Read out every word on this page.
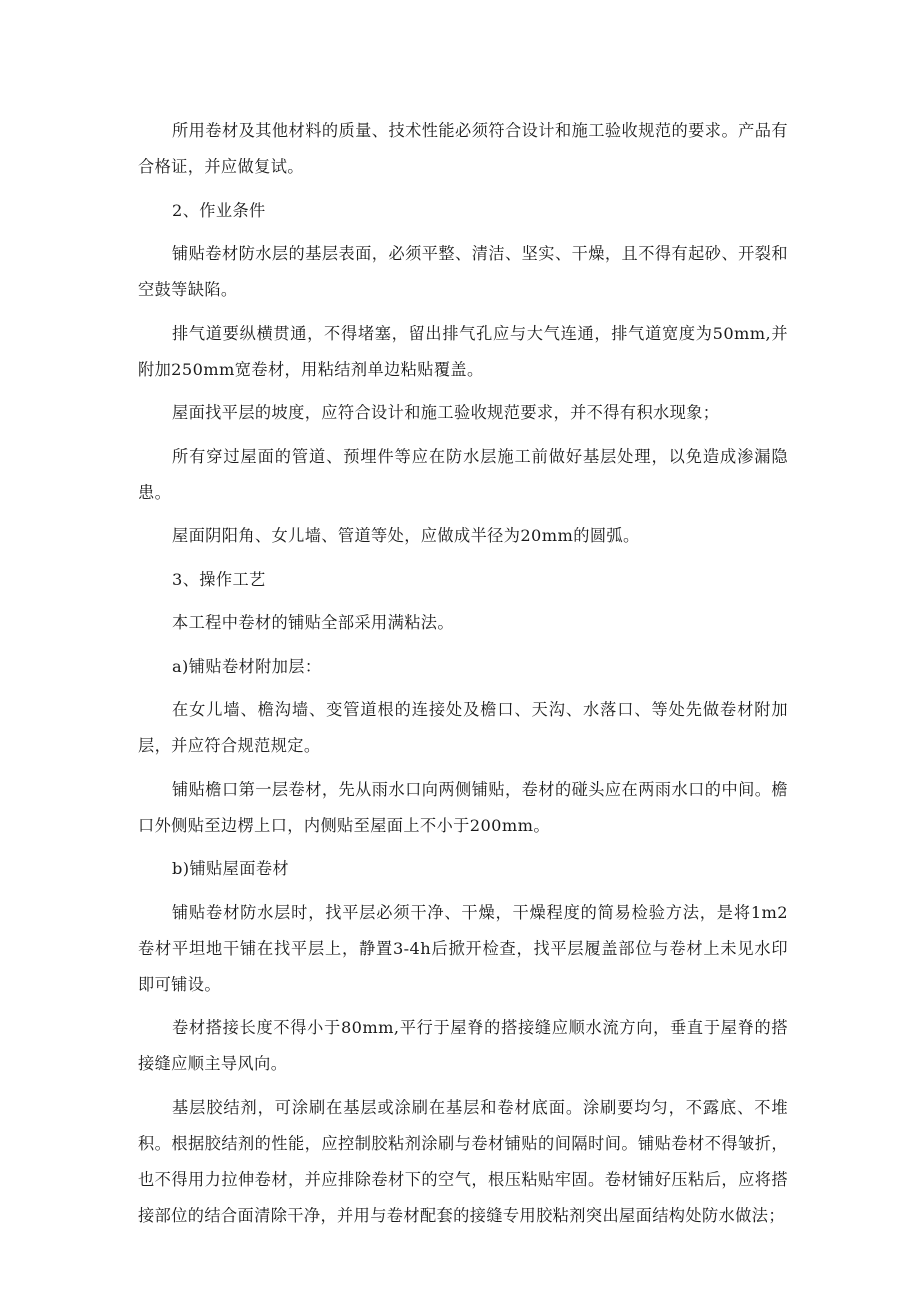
所用卷材及其他材料的质量、技术性能必须符合设计和施工验收规范的要求。产品有合格证，并应做复试。

2、作业条件

铺贴卷材防水层的基层表面，必须平整、清洁、坚实、干燥，且不得有起砂、开裂和空鼓等缺陷。

排气道要纵横贯通，不得堵塞，留出排气孔应与大气连通，排气道宽度为50mm,并附加250mm宽卷材，用粘结剂单边粘贴覆盖。

屋面找平层的坡度，应符合设计和施工验收规范要求，并不得有积水现象；

所有穿过屋面的管道、预埋件等应在防水层施工前做好基层处理，以免造成渗漏隐患。

屋面阴阳角、女儿墙、管道等处，应做成半径为20mm的圆弧。

3、操作工艺

本工程中卷材的铺贴全部采用满粘法。

a)铺贴卷材附加层：

在女儿墙、檐沟墙、变管道根的连接处及檐口、天沟、水落口、等处先做卷材附加层，并应符合规范规定。

铺贴檐口第一层卷材，先从雨水口向两侧铺贴，卷材的碰头应在两雨水口的中间。檐口外侧贴至边楞上口，内侧贴至屋面上不小于200mm。

b)铺贴屋面卷材

铺贴卷材防水层时，找平层必须干净、干燥，干燥程度的简易检验方法，是将1m2卷材平坦地干铺在找平层上，静置3-4h后掀开检查，找平层履盖部位与卷材上未见水印即可铺设。

卷材搭接长度不得小于80mm,平行于屋脊的搭接缝应顺水流方向，垂直于屋脊的搭接缝应顺主导风向。

基层胶结剂，可涂刷在基层或涂刷在基层和卷材底面。涂刷要均匀，不露底、不堆积。根据胶结剂的性能，应控制胶粘剂涂刷与卷材铺贴的间隔时间。铺贴卷材不得皱折，也不得用力拉伸卷材，并应排除卷材下的空气，根压粘贴牢固。卷材铺好压粘后，应将搭接部位的结合面清除干净，并用与卷材配套的接缝专用胶粘剂突出屋面结构处防水做法；
